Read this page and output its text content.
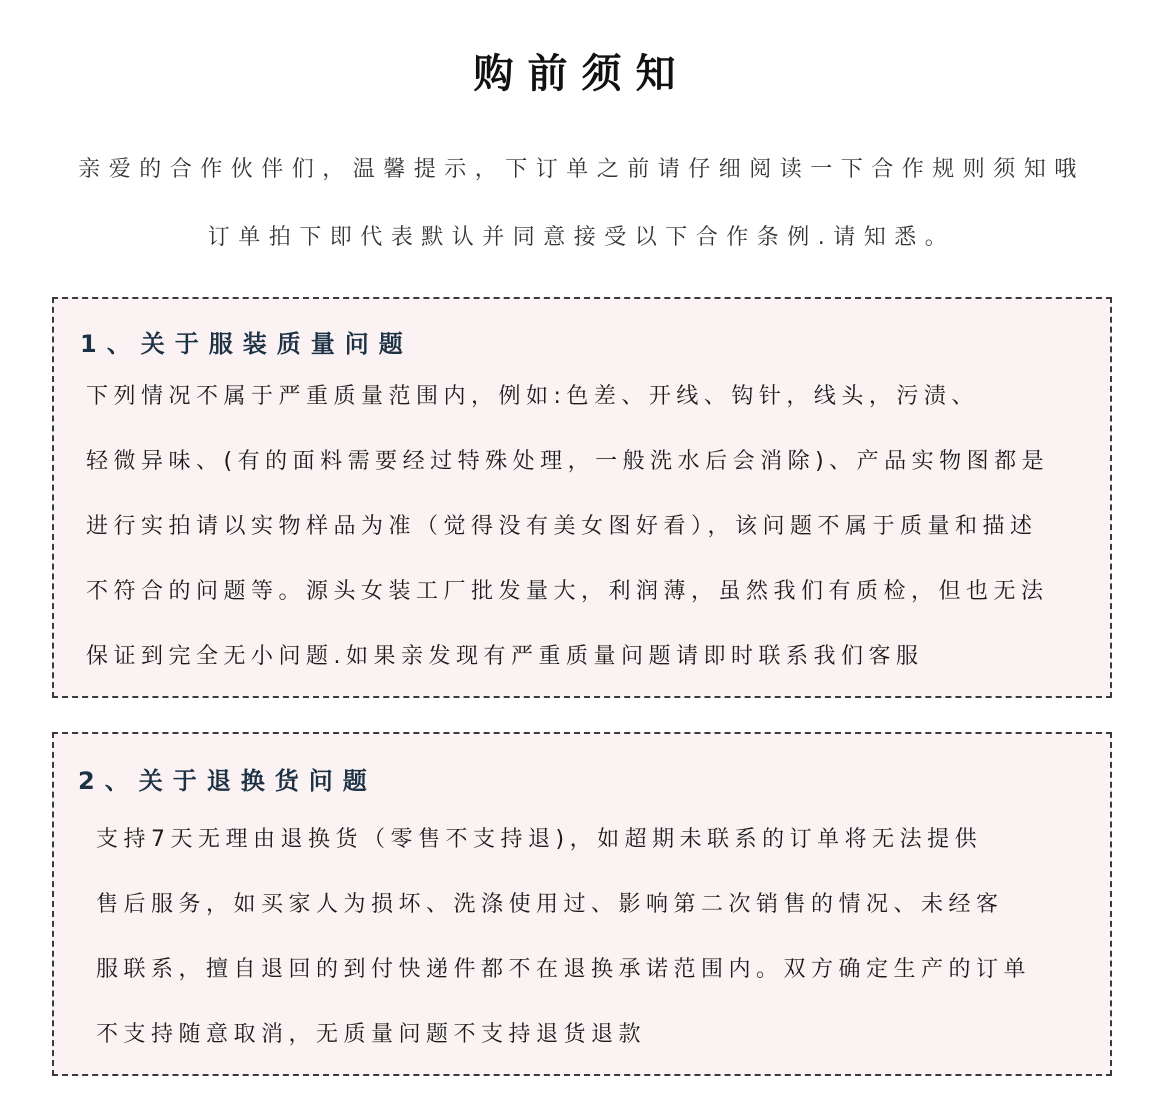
购前须知

亲爱的合作伙伴们，温馨提示，下订单之前请仔细阅读一下合作规则须知哦

订单拍下即代表默认并同意接受以下合作条例.请知悉。

1、关于服装质量问题

下列情况不属于严重质量范围内，例如:色差、开线、钩针，线头，污渍、

轻微异味、(有的面料需要经过特殊处理，一般洗水后会消除)、产品实物图都是

进行实拍请以实物样品为准（觉得没有美女图好看），该问题不属于质量和描述

不符合的问题等。源头女装工厂批发量大，利润薄，虽然我们有质检，但也无法

保证到完全无小问题.如果亲发现有严重质量问题请即时联系我们客服

2、关于退换货问题

支持7天无理由退换货（零售不支持退)，如超期未联系的订单将无法提供

售后服务，如买家人为损坏、洗涤使用过、影响第二次销售的情况、未经客

服联系，擅自退回的到付快递件都不在退换承诺范围内。双方确定生产的订单

不支持随意取消，无质量问题不支持退货退款
